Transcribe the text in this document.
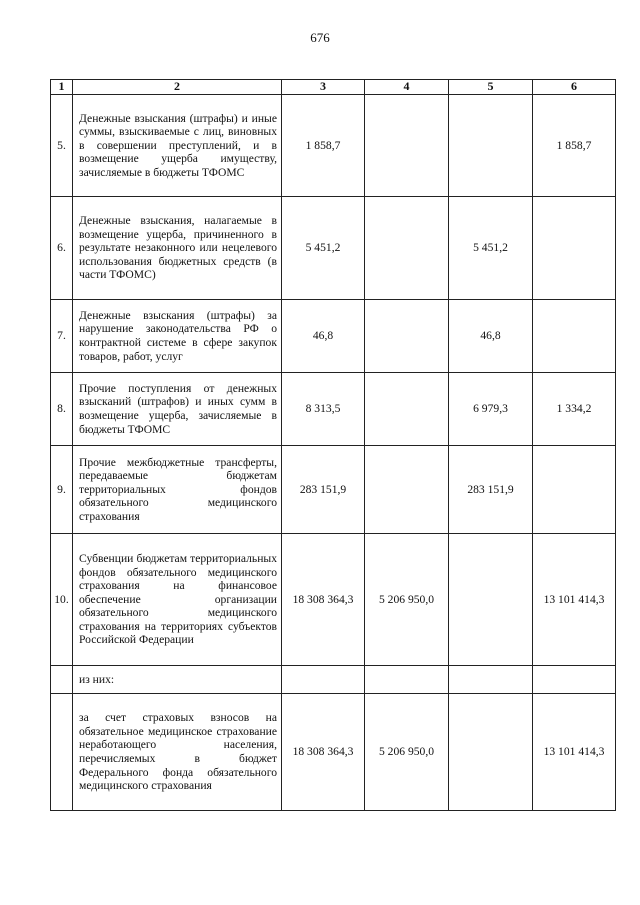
676
1	2	3	4	5	6
5.	Денежные взыскания (штрафы) и иные суммы, взыскиваемые с лиц, виновных в совершении преступлений, и в возмещение ущерба имуществу, зачисляемые в бюджеты ТФОМС	1 858,7			1 858,7
6.	Денежные взыскания, налагаемые в возмещение ущерба, причиненного в результате незаконного или нецелевого использования бюджетных средств (в части ТФОМС)	5 451,2		5 451,2	
7.	Денежные взыскания (штрафы) за нарушение законодательства РФ о контрактной системе в сфере закупок товаров, работ, услуг	46,8		46,8	
8.	Прочие поступления от денежных взысканий (штрафов) и иных сумм в возмещение ущерба, зачисляемые в бюджеты ТФОМС	8 313,5		6 979,3	1 334,2
9.	Прочие межбюджетные трансферты, передаваемые бюджетам территориальных фондов обязательного медицинского страхования	283 151,9		283 151,9	
10.	Субвенции бюджетам территориальных фондов обязательного медицинского страхования на финансовое обеспечение организации обязательного медицинского страхования на территориях субъектов Российской Федерации	18 308 364,3	5 206 950,0		13 101 414,3
	из них:				
	за счет страховых взносов на обязательное медицинское страхование неработающего населения, перечисляемых в бюджет Федерального фонда обязательного медицинского страхования	18 308 364,3	5 206 950,0		13 101 414,3
